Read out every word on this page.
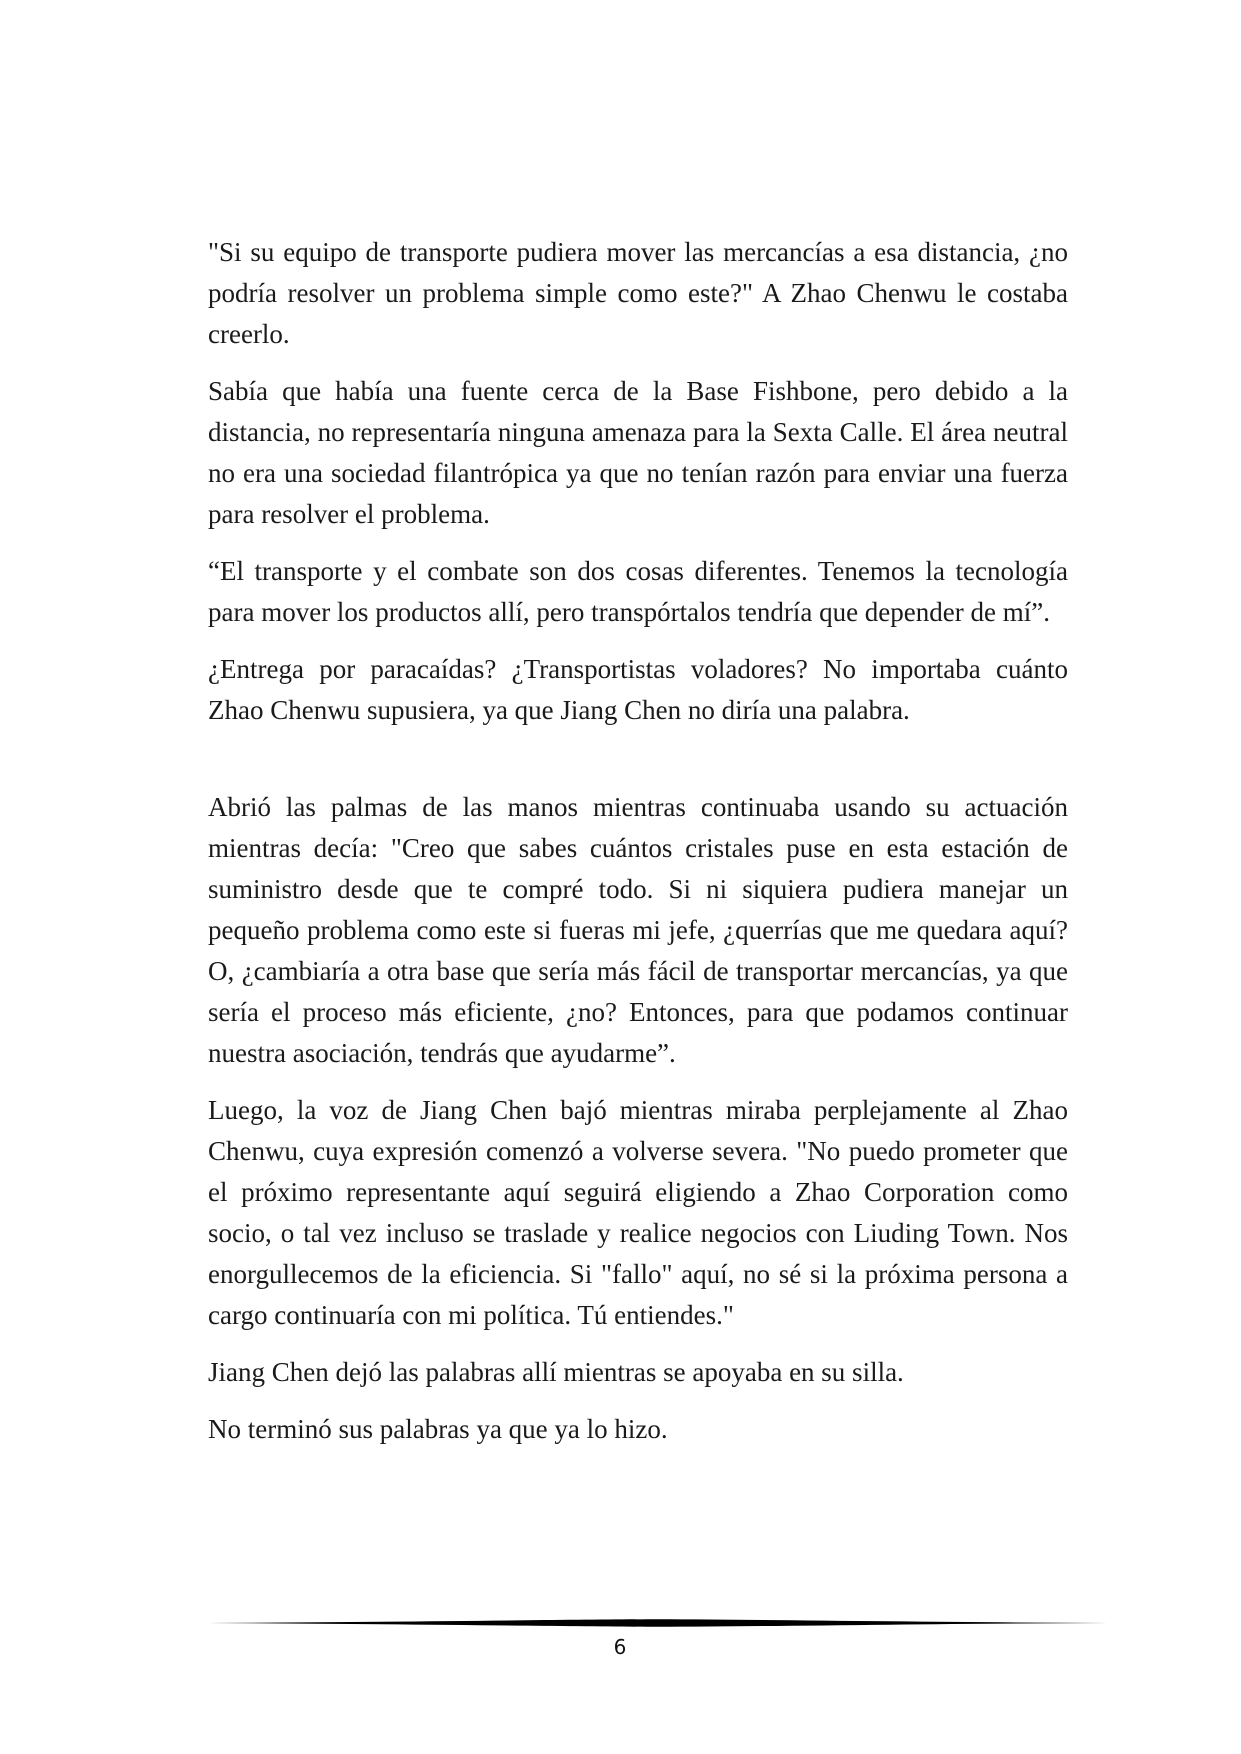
"Si su equipo de transporte pudiera mover las mercancías a esa distancia, ¿no podría resolver un problema simple como este?" A Zhao Chenwu le costaba creerlo.

Sabía que había una fuente cerca de la Base Fishbone, pero debido a la distancia, no representaría ninguna amenaza para la Sexta Calle. El área neutral no era una sociedad filantrópica ya que no tenían razón para enviar una fuerza para resolver el problema.

“El transporte y el combate son dos cosas diferentes. Tenemos la tecnología para mover los productos allí, pero transpórtalos tendría que depender de mí”.

¿Entrega por paracaídas? ¿Transportistas voladores? No importaba cuánto Zhao Chenwu supusiera, ya que Jiang Chen no diría una palabra.

Abrió las palmas de las manos mientras continuaba usando su actuación mientras decía: "Creo que sabes cuántos cristales puse en esta estación de suministro desde que te compré todo. Si ni siquiera pudiera manejar un pequeño problema como este si fueras mi jefe, ¿querrías que me quedara aquí? O, ¿cambiaría a otra base que sería más fácil de transportar mercancías, ya que sería el proceso más eficiente, ¿no? Entonces, para que podamos continuar nuestra asociación, tendrás que ayudarme”.

Luego, la voz de Jiang Chen bajó mientras miraba perplejamente al Zhao Chenwu, cuya expresión comenzó a volverse severa. "No puedo prometer que el próximo representante aquí seguirá eligiendo a Zhao Corporation como socio, o tal vez incluso se traslade y realice negocios con Liuding Town. Nos enorgullecemos de la eficiencia. Si "fallo" aquí, no sé si la próxima persona a cargo continuaría con mi política. Tú entiendes."

Jiang Chen dejó las palabras allí mientras se apoyaba en su silla.

No terminó sus palabras ya que ya lo hizo.

6
